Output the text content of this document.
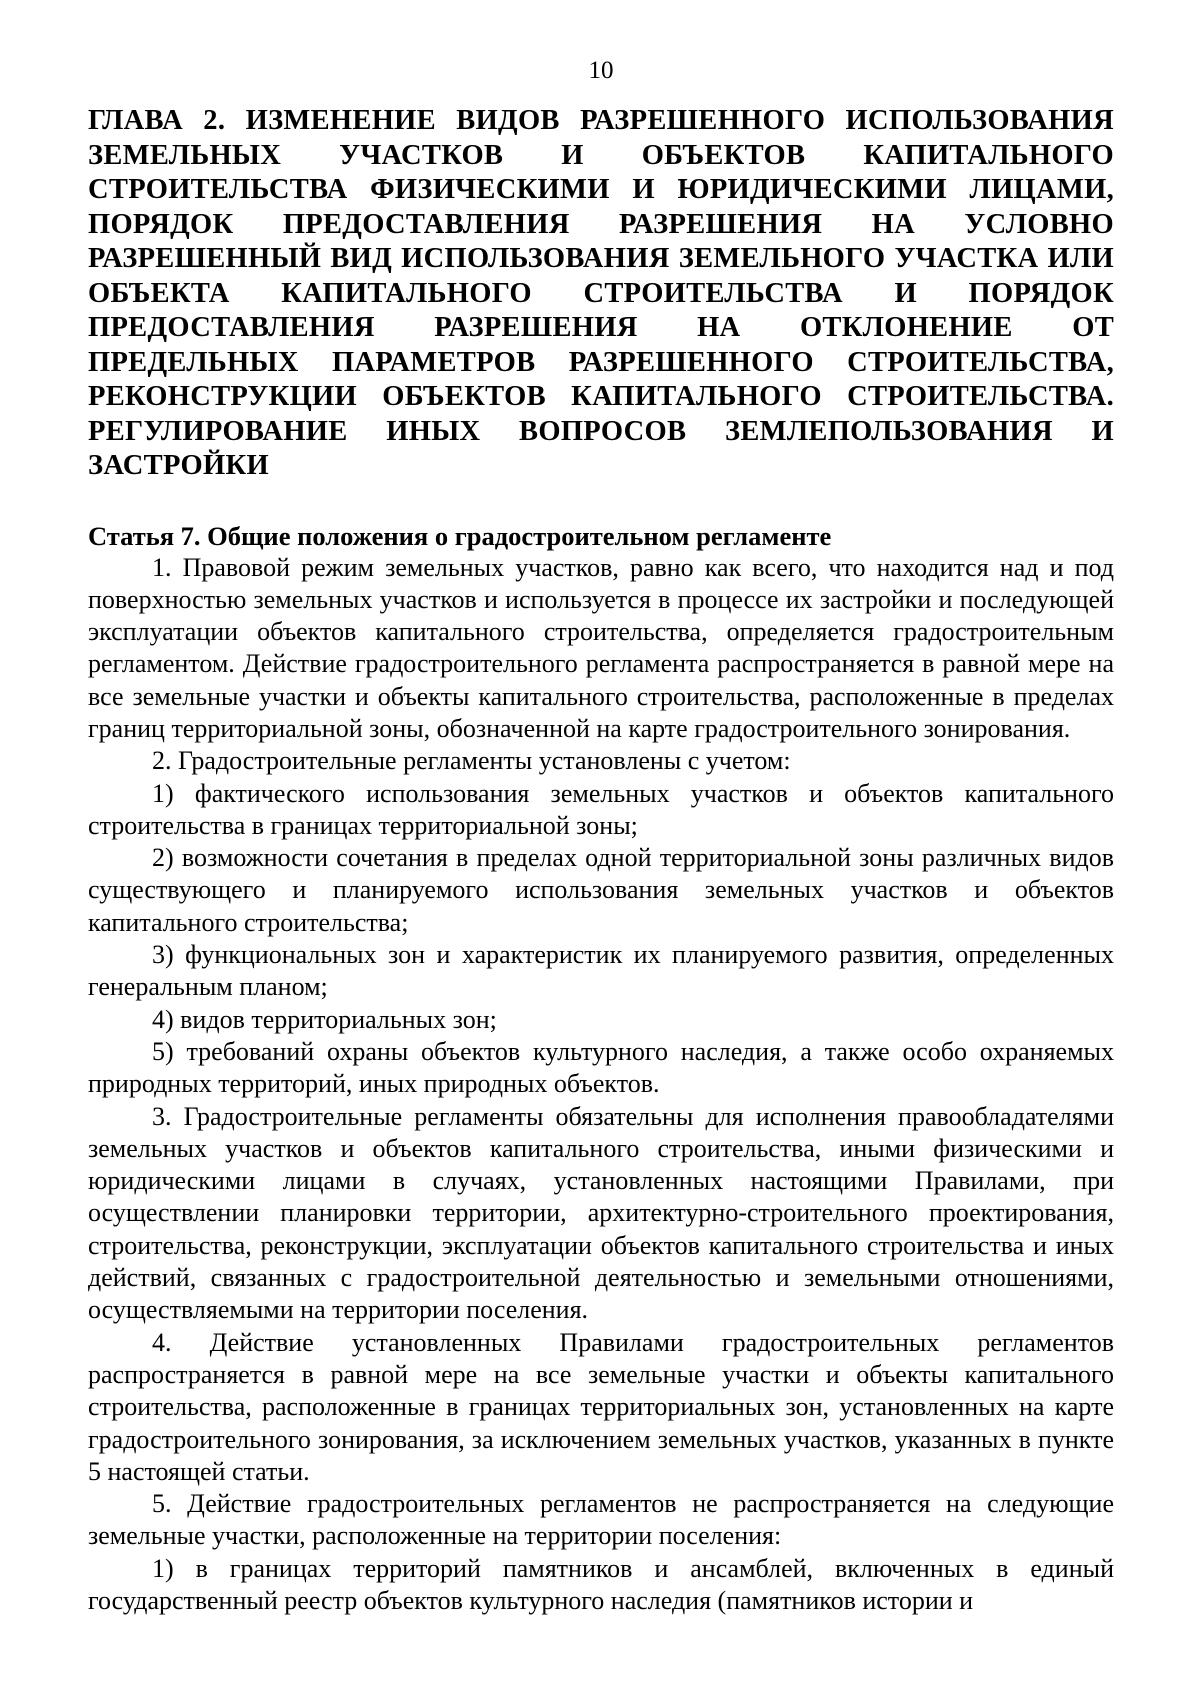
10
ГЛАВА 2. ИЗМЕНЕНИЕ ВИДОВ РАЗРЕШЕННОГО ИСПОЛЬЗОВАНИЯ ЗЕМЕЛЬНЫХ УЧАСТКОВ И ОБЪЕКТОВ КАПИТАЛЬНОГО СТРОИТЕЛЬСТВА ФИЗИЧЕСКИМИ И ЮРИДИЧЕСКИМИ ЛИЦАМИ, ПОРЯДОК ПРЕДОСТАВЛЕНИЯ РАЗРЕШЕНИЯ НА УСЛОВНО РАЗРЕШЕННЫЙ ВИД ИСПОЛЬЗОВАНИЯ ЗЕМЕЛЬНОГО УЧАСТКА ИЛИ ОБЪЕКТА КАПИТАЛЬНОГО СТРОИТЕЛЬСТВА И ПОРЯДОК ПРЕДОСТАВЛЕНИЯ РАЗРЕШЕНИЯ НА ОТКЛОНЕНИЕ ОТ ПРЕДЕЛЬНЫХ ПАРАМЕТРОВ РАЗРЕШЕННОГО СТРОИТЕЛЬСТВА, РЕКОНСТРУКЦИИ ОБЪЕКТОВ КАПИТАЛЬНОГО СТРОИТЕЛЬСТВА. РЕГУЛИРОВАНИЕ ИНЫХ ВОПРОСОВ ЗЕМЛЕПОЛЬЗОВАНИЯ И ЗАСТРОЙКИ
Статья 7. Общие положения о градостроительном регламенте

1. Правовой режим земельных участков, равно как всего, что находится над и под поверхностью земельных участков и используется в процессе их застройки и последующей эксплуатации объектов капитального строительства, определяется градостроительным регламентом. Действие градостроительного регламента распространяется в равной мере на все земельные участки и объекты капитального строительства, расположенные в пределах границ территориальной зоны, обозначенной на карте градостроительного зонирования.

2. Градостроительные регламенты установлены с учетом:

1) фактического использования земельных участков и объектов капитального строительства в границах территориальной зоны;

2) возможности сочетания в пределах одной территориальной зоны различных видов существующего и планируемого использования земельных участков и объектов капитального строительства;

3) функциональных зон и характеристик их планируемого развития, определенных генеральным планом;

4) видов территориальных зон;

5) требований охраны объектов культурного наследия, а также особо охраняемых природных территорий, иных природных объектов.

3. Градостроительные регламенты обязательны для исполнения правообладателями земельных участков и объектов капитального строительства, иными физическими и юридическими лицами в случаях, установленных настоящими Правилами, при осуществлении планировки территории, архитектурно-строительного проектирования, строительства, реконструкции, эксплуатации объектов капитального строительства и иных действий, связанных с градостроительной деятельностью и земельными отношениями, осуществляемыми на территории поселения.

4. Действие установленных Правилами градостроительных регламентов распространяется в равной мере на все земельные участки и объекты капитального строительства, расположенные в границах территориальных зон, установленных на карте градостроительного зонирования, за исключением земельных участков, указанных в пункте 5 настоящей статьи.

5. Действие градостроительных регламентов не распространяется на следующие земельные участки, расположенные на территории поселения:

1) в границах территорий памятников и ансамблей, включенных в единый государственный реестр объектов культурного наследия (памятников истории и
